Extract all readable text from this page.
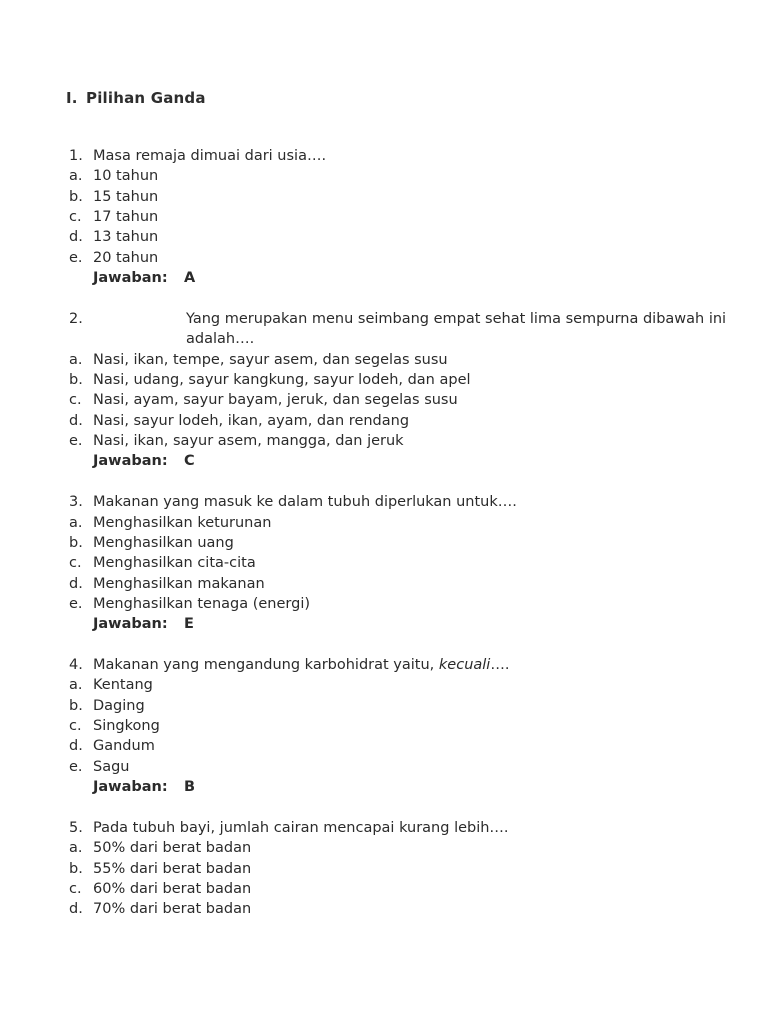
I. Pilihan Ganda
1. Masa remaja dimuai dari usia….
a. 10 tahun
b. 15 tahun
c. 17 tahun
d. 13 tahun
e. 20 tahun
Jawaban: A
2.	Yang merupakan menu seimbang empat sehat lima sempurna dibawah ini adalah….
a. Nasi, ikan, tempe, sayur asem, dan segelas susu
b. Nasi, udang, sayur kangkung, sayur lodeh, dan apel
c. Nasi, ayam, sayur bayam, jeruk, dan segelas susu
d. Nasi, sayur lodeh, ikan, ayam, dan rendang
e. Nasi, ikan, sayur asem, mangga, dan jeruk
Jawaban: C
3. Makanan yang masuk ke dalam tubuh diperlukan untuk….
a. Menghasilkan keturunan
b. Menghasilkan uang
c. Menghasilkan cita-cita
d. Menghasilkan makanan
e. Menghasilkan tenaga (energi)
Jawaban: E
4. Makanan yang mengandung karbohidrat yaitu, kecuali….
a. Kentang
b. Daging
c. Singkong
d. Gandum
e. Sagu
Jawaban: B
5. Pada tubuh bayi, jumlah cairan mencapai kurang lebih….
a. 50% dari berat badan
b. 55% dari berat badan
c. 60% dari berat badan
d. 70% dari berat badan
